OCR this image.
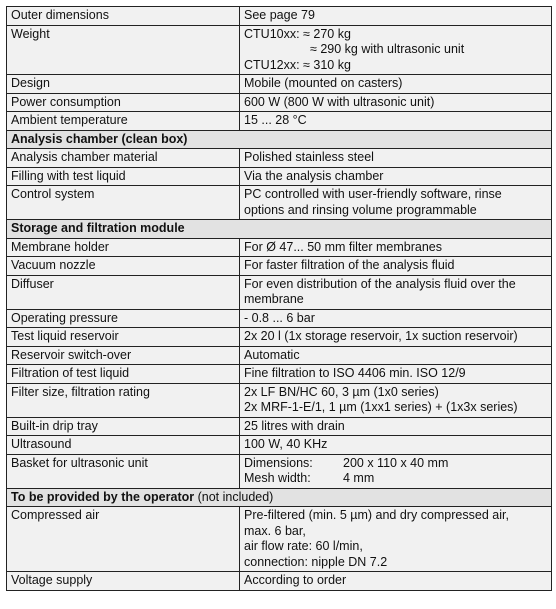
Outer dimensions	See page 79

Weight	CTU10xx: ≈ 270 kg
≈ 290 kg with ultrasonic unit
CTU12xx: ≈ 310 kg

Design	Mobile (mounted on casters)

Power consumption	600 W (800 W with ultrasonic unit)

Ambient temperature	15 ... 28 °C

Analysis chamber (clean box)	
Analysis chamber material	Polished stainless steel

Filling with test liquid	Via the analysis chamber

Control system	PC controlled with user-friendly software, rinse
options and rinsing volume programmable

Storage and filtration module	
Membrane holder	For Ø 47... 50 mm filter membranes

Vacuum nozzle	For faster filtration of the analysis fluid

Diffuser	For even distribution of the analysis fluid over the
membrane

Operating pressure	- 0.8 ... 6 bar

Test liquid reservoir	2x 20 l (1x storage reservoir, 1x suction reservoir)

Reservoir switch-over	Automatic

Filtration of test liquid	Fine filtration to ISO 4406 min. ISO 12/9

Filter size, filtration rating	2x LF BN/HC 60, 3 µm (1x0 series)
2x MRF-1-E/1, 1 µm (1xx1 series) + (1x3x series)

Built-in drip tray	25 litres with drain

Ultrasound	100 W, 40 KHz

Basket for ultrasonic unit	Dimensions: 200 x 110 x 40 mm
Mesh width: 4 mm

To be provided by the operator (not included)	
Compressed air	Pre-filtered (min. 5 µm) and dry compressed air,
max. 6 bar,
air flow rate: 60 l/min,
connection: nipple DN 7.2

Voltage supply	According to order
